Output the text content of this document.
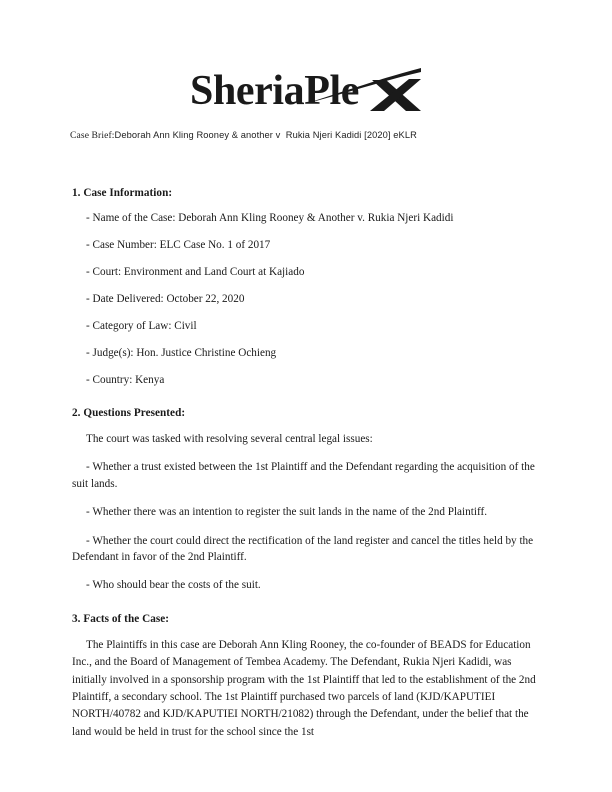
SheriaPle
Case Brief:Deborah Ann Kling Rooney & another v  Rukia Njeri Kadidi [2020] eKLR
1. Case Information:
- Name of the Case: Deborah Ann Kling Rooney & Another v. Rukia Njeri Kadidi
- Case Number: ELC Case No. 1 of 2017
- Court: Environment and Land Court at Kajiado
- Date Delivered: October 22, 2020
- Category of Law: Civil
- Judge(s): Hon. Justice Christine Ochieng
- Country: Kenya
2. Questions Presented:
The court was tasked with resolving several central legal issues:
- Whether a trust existed between the 1st Plaintiff and the Defendant regarding the acquisition of the suit lands.
- Whether there was an intention to register the suit lands in the name of the 2nd Plaintiff.
- Whether the court could direct the rectification of the land register and cancel the titles held by the Defendant in favor of the 2nd Plaintiff.
- Who should bear the costs of the suit.
3. Facts of the Case:
The Plaintiffs in this case are Deborah Ann Kling Rooney, the co-founder of BEADS for Education Inc., and the Board of Management of Tembea Academy. The Defendant, Rukia Njeri Kadidi, was initially involved in a sponsorship program with the 1st Plaintiff that led to the establishment of the 2nd Plaintiff, a secondary school. The 1st Plaintiff purchased two parcels of land (KJD/KAPUTIEI NORTH/40782 and KJD/KAPUTIEI NORTH/21082) through the Defendant, under the belief that the land would be held in trust for the school since the 1st
